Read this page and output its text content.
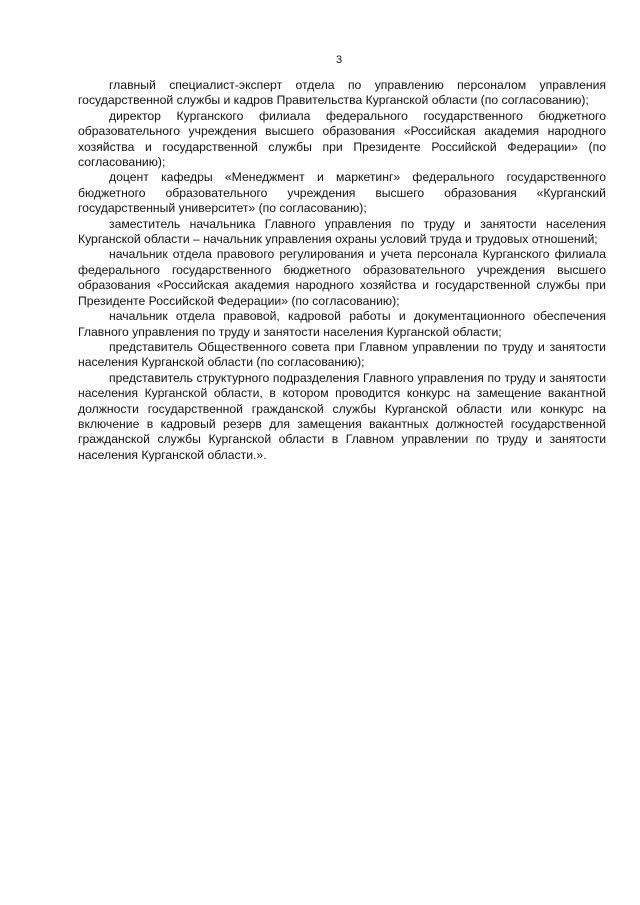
3

главный специалист-эксперт отдела по управлению персоналом управления государственной службы и кадров Правительства Курганской области (по согласованию);

директор Курганского филиала федерального государственного бюджетного образовательного учреждения высшего образования «Российская академия народного хозяйства и государственной службы при Президенте Российской Федерации» (по согласованию);

доцент кафедры «Менеджмент и маркетинг» федерального государственного бюджетного образовательного учреждения высшего образования «Курганский государственный университет» (по согласованию);

заместитель начальника Главного управления по труду и занятости населения Курганской области – начальник управления охраны условий труда и трудовых отношений;

начальник отдела правового регулирования и учета персонала Курганского филиала федерального государственного бюджетного образовательного учреждения высшего образования «Российская академия народного хозяйства и государственной службы при Президенте Российской Федерации» (по согласованию);

начальник отдела правовой, кадровой работы и документационного обеспечения Главного управления по труду и занятости населения Курганской области;

представитель Общественного совета при Главном управлении по труду и занятости населения Курганской области (по согласованию);

представитель структурного подразделения Главного управления по труду и занятости населения Курганской области, в котором проводится конкурс на замещение вакантной должности государственной гражданской службы Курганской области или конкурс на включение в кадровый резерв для замещения вакантных должностей государственной гражданской службы Курганской области в Главном управлении по труду и занятости населения Курганской области.».
